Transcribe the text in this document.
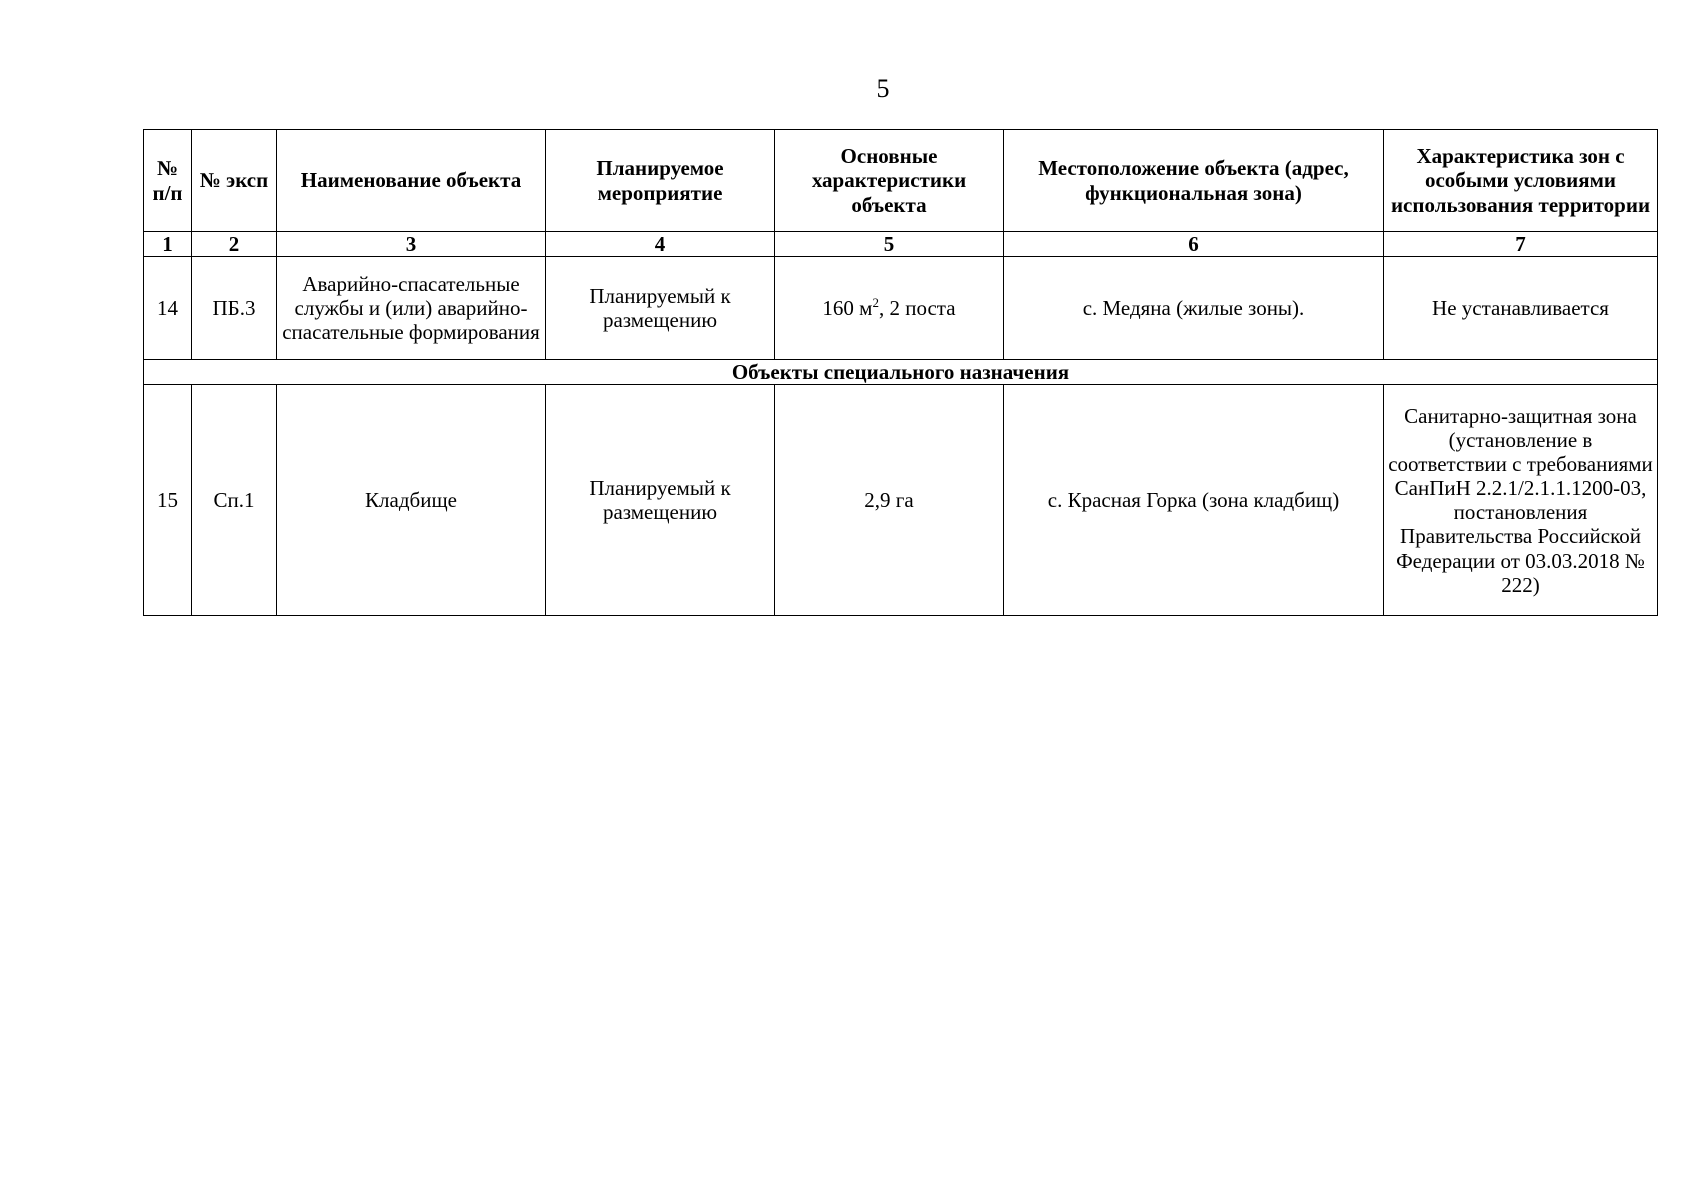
5
№ п/п	№ эксп	Наименование объекта	Планируемое мероприятие	Основные характеристики объекта	Местоположение объекта (адрес, функциональная зона)	Характеристика зон с особыми условиями использования территории
1	2	3	4	5	6	7
14	ПБ.3	Аварийно-спасательные службы и (или) аварийно-спасательные формирования	Планируемый к размещению	160 $м^2$, 2 поста	с. Медяна (жилые зоны).	Не устанавливается
Объекты специального назначения						
15	Сп.1	Кладбище	Планируемый к размещению	2,9 га	с. Красная Горка (зона кладбищ)	Санитарно-защитная зона (установление в соответствии с требованиями СанПиН 2.2.1/2.1.1.1200-03, постановления Правительства Российской Федерации от 03.03.2018 № 222)
